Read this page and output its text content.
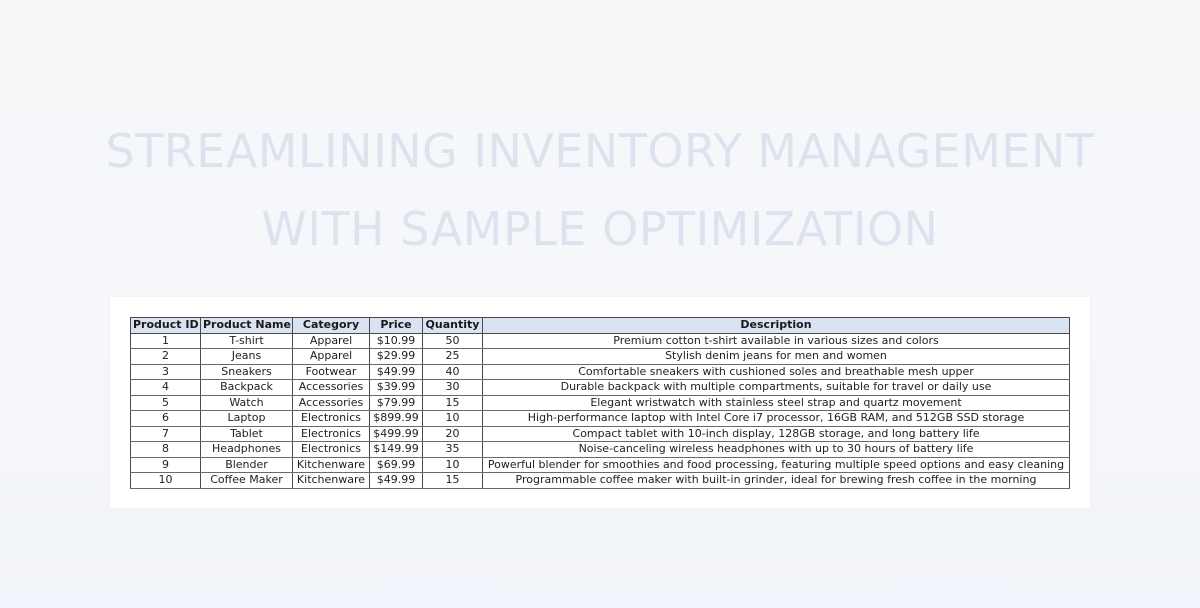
STREAMLINING INVENTORY MANAGEMENT
WITH SAMPLE OPTIMIZATION
Product ID	Product Name	Category	Price	Quantity	Description
1	T-shirt	Apparel	$10.99	50	Premium cotton t-shirt available in various sizes and colors
2	Jeans	Apparel	$29.99	25	Stylish denim jeans for men and women
3	Sneakers	Footwear	$49.99	40	Comfortable sneakers with cushioned soles and breathable mesh upper
4	Backpack	Accessories	$39.99	30	Durable backpack with multiple compartments, suitable for travel or daily use
5	Watch	Accessories	$79.99	15	Elegant wristwatch with stainless steel strap and quartz movement
6	Laptop	Electronics	$899.99	10	High-performance laptop with Intel Core i7 processor, 16GB RAM, and 512GB SSD storage
7	Tablet	Electronics	$499.99	20	Compact tablet with 10-inch display, 128GB storage, and long battery life
8	Headphones	Electronics	$149.99	35	Noise-canceling wireless headphones with up to 30 hours of battery life
9	Blender	Kitchenware	$69.99	10	Powerful blender for smoothies and food processing, featuring multiple speed options and easy cleaning
10	Coffee Maker	Kitchenware	$49.99	15	Programmable coffee maker with built-in grinder, ideal for brewing fresh coffee in the morning
